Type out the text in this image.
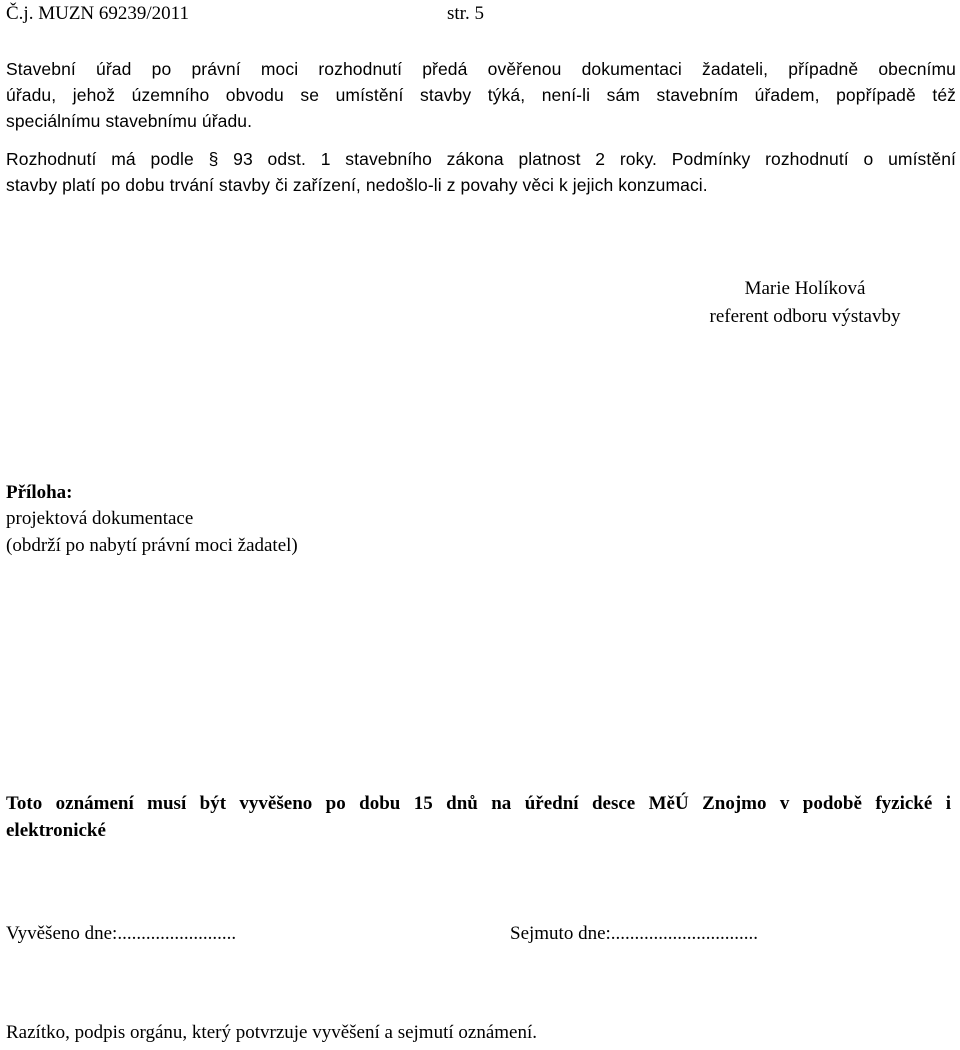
Č.j. MUZN 69239/2011	str. 5
Stavební úřad po právní moci rozhodnutí předá ověřenou dokumentaci žadateli, případně obecnímu
úřadu, jehož územního obvodu se umístění stavby týká, není-li sám stavebním úřadem, popřípadě též
speciálnímu stavebnímu úřadu.
Rozhodnutí má podle § 93 odst. 1 stavebního zákona platnost 2 roky. Podmínky rozhodnutí o umístění
stavby platí po dobu trvání stavby či zařízení, nedošlo-li z povahy věci k jejich konzumaci.
Marie Holíková
referent odboru výstavby
Příloha:
projektová dokumentace
(obdrží po nabytí právní moci žadatel)
Toto oznámení musí být vyvěšeno po dobu 15 dnů na úřední desce MěÚ Znojmo v podobě fyzické i
elektronické
Vyvěšeno dne:.........................	Sejmuto dne:...............................
Razítko, podpis orgánu, který potvrzuje vyvěšení a sejmutí oznámení.
